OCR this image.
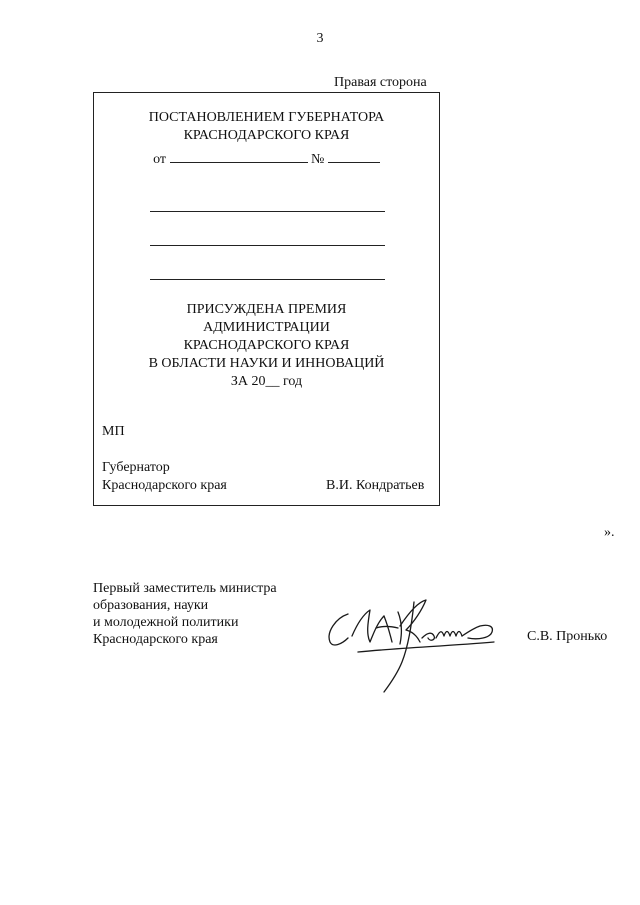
3
Правая сторона
ПОСТАНОВЛЕНИЕМ ГУБЕРНАТОРА
КРАСНОДАРСКОГО КРАЯ
от	№
ПРИСУЖДЕНА ПРЕМИЯ
АДМИНИСТРАЦИИ
КРАСНОДАРСКОГО КРАЯ
В ОБЛАСТИ НАУКИ И ИННОВАЦИЙ
ЗА 20__ год
МП
Губернатор
Краснодарского края	В.И. Кондратьев
».
Первый заместитель министра
образования, науки
и молодежной политики
Краснодарского края	С.В. Пронько
